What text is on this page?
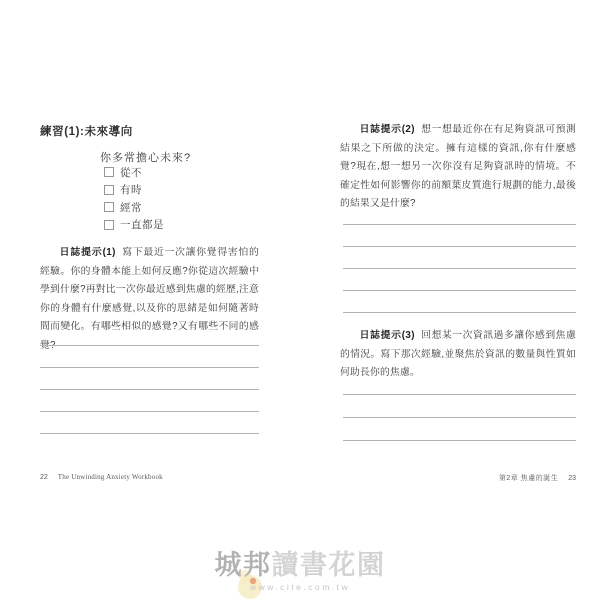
練習(1):未來導向
你多常擔心未來?
從不
有時
經常
一直都是

日誌提示(1) 寫下最近一次讓你覺得害怕的經驗。你的身體本能上如何反應?你從這次經驗中學到什麼?再對比一次你最近感到焦慮的經歷,注意你的身體有什麼感覺,以及你的思緒是如何隨著時間而變化。有哪些相似的感覺?又有哪些不同的感覺?

22 The Unwinding Anxiety Workbook

日誌提示(2) 想一想最近你在有足夠資訊可預測結果之下所做的決定。擁有這樣的資訊,你有什麼感覺?現在,想一想另一次你沒有足夠資訊時的情境。不確定性如何影響你的前額葉皮質進行規劃的能力,最後的結果又是什麼?

日誌提示(3) 回想某一次資訊過多讓你感到焦慮的情況。寫下那次經驗,並聚焦於資訊的數量與性質如何助長你的焦慮。

第2章 焦慮的誕生 23
城邦讀書花園
www.cite.com.tw
